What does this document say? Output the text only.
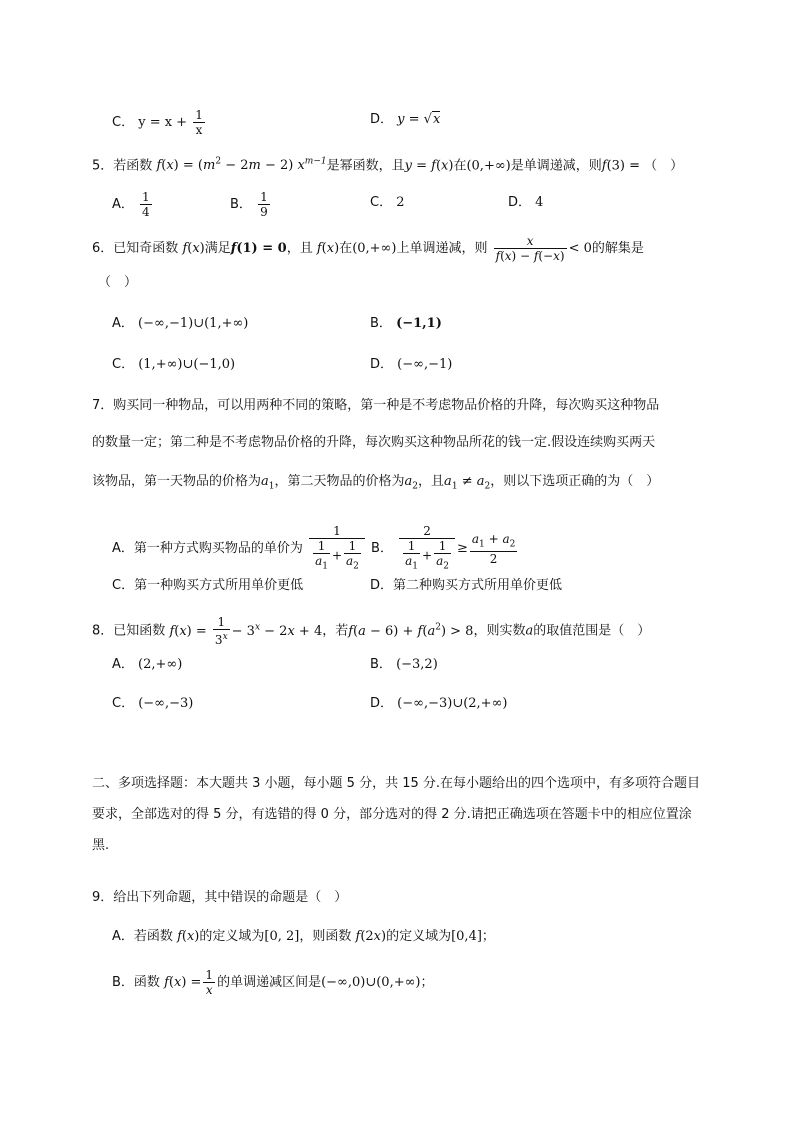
C． $y = x + \frac{1}{x}$	D． y = √x
5．若函数 $f(x) = (m^2 - 2m - 2)$ $x^{m-1}$是幂函数，且y = f(x)在(0,+∞)是单调递减，则f(3) = （　）
A． $\frac{1}{4}$	B． $\frac{1}{9}$	C． 2	D． 4
6．已知奇函数 f(x)满足f(1) = 0，且 f(x)在(0,+∞)上单调递减，则 $\frac{x}{f(x) - f(-x)} < 0$的解集是
（　）
A． (−∞,−1)∪(1,+∞)	B． (−1,1)
C． (1,+∞)∪(−1,0)	D． (−∞,−1)
7．购买同一种物品，可以用两种不同的策略，第一种是不考虑物品价格的升降，每次购买这种物品
的数量一定；第二种是不考虑物品价格的升降，每次购买这种物品所花的钱一定.假设连续购买两天
该物品，第一天物品的价格为$a_1$，第二天物品的价格为$a_2$，且$a_1 \ne a_2$，则以下选项正确的为（　）
A．第一种方式购买物品的单价为 $\frac{1}{\frac{1}{a_1} + \frac{1}{a_2}}$ B． $\frac{2}{\frac{1}{a_1} + \frac{1}{a_2}} \ge \frac{a_1 + a_2}{2}$
C．第一种购买方式所用单价更低	D．第二种购买方式所用单价更低
8．已知函数 $f(x) = \frac{1}{3^x} - 3^x - 2x + 4$，若$f(a - 6) + f(a^2) > 8$，则实数a的取值范围是（　）
A． (2,+∞)	B． (−3,2)
C． (−∞,−3)	D． (−∞,−3)∪(2,+∞)
二、多项选择题：本大题共 3 小题，每小题 5 分，共 15 分.在每小题给出的四个选项中，有多项符合题目要求，全部选对的得 5 分，有选错的得 0 分，部分选对的得 2 分.请把正确选项在答题卡中的相应位置涂黑.
9．给出下列命题，其中错误的命题是（　）
A．若函数 f(x)的定义域为[0, 2]，则函数 f(2x)的定义域为[0,4]；
B．函数 $f(x) = \frac{1}{x}$ 的单调递减区间是(−∞,0)∪(0,+∞)；
